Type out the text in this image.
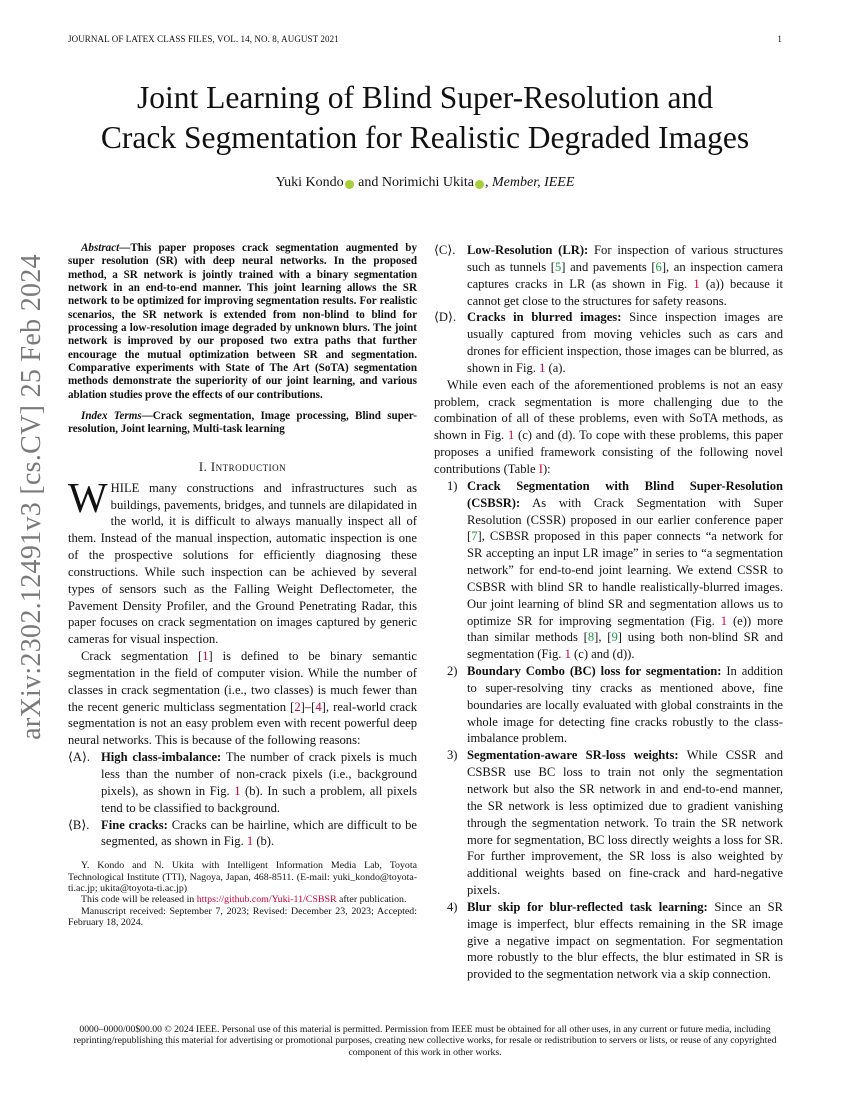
JOURNAL OF LATEX CLASS FILES, VOL. 14, NO. 8, AUGUST 2021	1
Joint Learning of Blind Super-Resolution and
Crack Segmentation for Realistic Degraded Images
Yuki Kondo and Norimichi Ukita , Member, IEEE
arXiv:2302.12491v3 [cs.CV] 25 Feb 2024

Abstract—This paper proposes crack segmentation augmented by super resolution (SR) with deep neural networks. In the proposed method, a SR network is jointly trained with a binary segmentation network in an end-to-end manner. This joint learning allows the SR network to be optimized for improving segmentation results. For realistic scenarios, the SR network is extended from non-blind to blind for processing a low-resolution image degraded by unknown blurs. The joint network is improved by our proposed two extra paths that further encourage the mutual optimization between SR and segmentation. Comparative experiments with State of The Art (SoTA) segmentation methods demonstrate the superiority of our joint learning, and various ablation studies prove the effects of our contributions.

Index Terms—Crack segmentation, Image processing, Blind super-resolution, Joint learning, Multi-task learning

I. Introduction

WHILE many constructions and infrastructures such as buildings, pavements, bridges, and tunnels are dilapidated in the world, it is difficult to always manually inspect all of them. Instead of the manual inspection, automatic inspection is one of the prospective solutions for efficiently diagnosing these constructions. While such inspection can be achieved by several types of sensors such as the Falling Weight Deflectometer, the Pavement Density Profiler, and the Ground Penetrating Radar, this paper focuses on crack segmentation on images captured by generic cameras for visual inspection.

Crack segmentation [1] is defined to be binary semantic segmentation in the field of computer vision. While the number of classes in crack segmentation (i.e., two classes) is much fewer than the recent generic multiclass segmentation [2]–[4], real-world crack segmentation is not an easy problem even with recent powerful deep neural networks. This is because of the following reasons:

⟨A⟩. High class-imbalance: The number of crack pixels is much less than the number of non-crack pixels (i.e., background pixels), as shown in Fig. 1 (b). In such a problem, all pixels tend to be classified to background.
⟨B⟩. Fine cracks: Cracks can be hairline, which are difficult to be segmented, as shown in Fig. 1 (b).

Y. Kondo and N. Ukita with Intelligent Information Media Lab, Toyota Technological Institute (TTI), Nagoya, Japan, 468-8511. (E-mail: yuki_kondo@toyota-ti.ac.jp; ukita@toyota-ti.ac.jp)

This code will be released in https://github.com/Yuki-11/CSBSR after publication.

Manuscript received: September 7, 2023; Revised: December 23, 2023; Accepted: February 18, 2024.

⟨C⟩. Low-Resolution (LR): For inspection of various structures such as tunnels [5] and pavements [6], an inspection camera captures cracks in LR (as shown in Fig. 1 (a)) because it cannot get close to the structures for safety reasons.
⟨D⟩. Cracks in blurred images: Since inspection images are usually captured from moving vehicles such as cars and drones for efficient inspection, those images can be blurred, as shown in Fig. 1 (a).

While even each of the aforementioned problems is not an easy problem, crack segmentation is more challenging due to the combination of all of these problems, even with SoTA methods, as shown in Fig. 1 (c) and (d). To cope with these problems, this paper proposes a unified framework consisting of the following novel contributions (Table I):

1) Crack Segmentation with Blind Super-Resolution (CSBSR): As with Crack Segmentation with Super Resolution (CSSR) proposed in our earlier conference paper [7], CSBSR proposed in this paper connects “a network for SR accepting an input LR image” in series to “a segmentation network” for end-to-end joint learning. We extend CSSR to CSBSR with blind SR to handle realistically-blurred images. Our joint learning of blind SR and segmentation allows us to optimize SR for improving segmentation (Fig. 1 (e)) more than similar methods [8], [9] using both non-blind SR and segmentation (Fig. 1 (c) and (d)).
2) Boundary Combo (BC) loss for segmentation: In addition to super-resolving tiny cracks as mentioned above, fine boundaries are locally evaluated with global constraints in the whole image for detecting fine cracks robustly to the class-imbalance problem.
3) Segmentation-aware SR-loss weights: While CSSR and CSBSR use BC loss to train not only the segmentation network but also the SR network in and end-to-end manner, the SR network is less optimized due to gradient vanishing through the segmentation network. To train the SR network more for segmentation, BC loss directly weights a loss for SR. For further improvement, the SR loss is also weighted by additional weights based on fine-crack and hard-negative pixels.
4) Blur skip for blur-reflected task learning: Since an SR image is imperfect, blur effects remaining in the SR image give a negative impact on segmentation. For segmentation more robustly to the blur effects, the blur estimated in SR is provided to the segmentation network via a skip connection.
0000–0000/00$00.00 © 2024 IEEE. Personal use of this material is permitted. Permission from IEEE must be obtained for all other uses, in any current or future media, including reprinting/republishing this material for advertising or promotional purposes, creating new collective works, for resale or redistribution to servers or lists, or reuse of any copyrighted component of this work in other works.
